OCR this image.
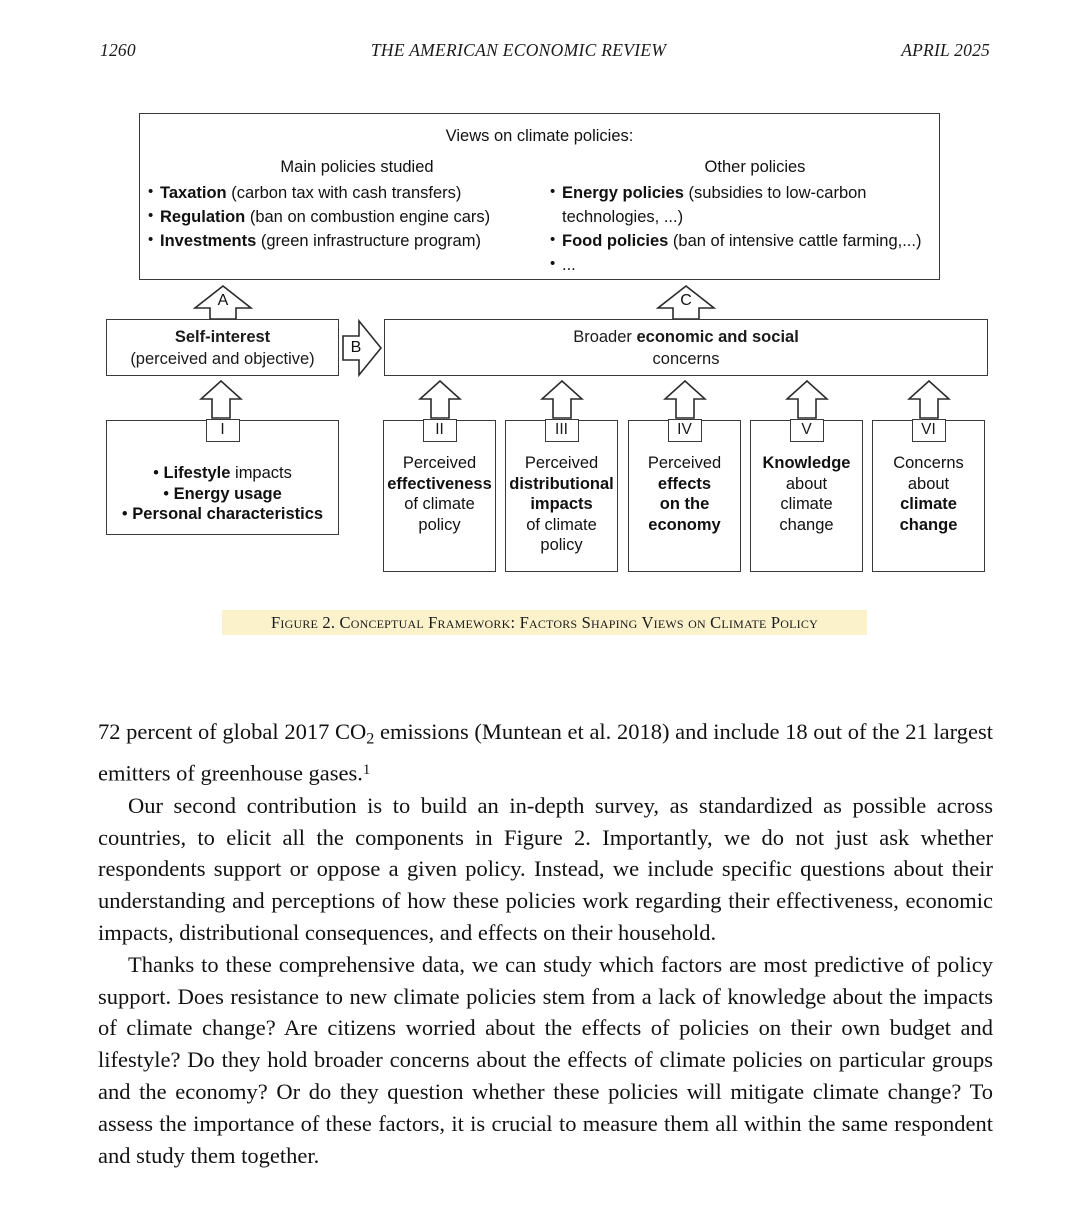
1260	THE AMERICAN ECONOMIC REVIEW	APRIL 2025
Views on climate policies:
Main policies studied	Other policies
• Taxation (carbon tax with cash transfers)
• Regulation (ban on combustion engine cars)
• Investments (green infrastructure program)
• Energy policies (subsidies to low-carbon
technologies, ...)
• Food policies (ban of intensive cattle farming,...)
• ...
A	C
Self-interest
(perceived and objective)
B
Broader economic and social
concerns
I
• Lifestyle impacts
• Energy usage
• Personal characteristics
II
Perceived
effectiveness
of climate
policy
III
Perceived
distributional
impacts
of climate
policy
IV
Perceived
effects
on the
economy
V
Knowledge
about
climate
change
VI
Concerns
about
climate
change
Figure 2. Conceptual Framework: Factors Shaping Views on Climate Policy

72 percent of global 2017 $CO_2$ emissions (Muntean et al. 2018) and include 18 out of the 21 largest emitters of greenhouse gases.$^1$

Our second contribution is to build an in-depth survey, as standardized as possible across countries, to elicit all the components in Figure 2. Importantly, we do not just ask whether respondents support or oppose a given policy. Instead, we include specific questions about their understanding and perceptions of how these policies work regarding their effectiveness, economic impacts, distributional consequences, and effects on their household.

Thanks to these comprehensive data, we can study which factors are most predictive of policy support. Does resistance to new climate policies stem from a lack of knowledge about the impacts of climate change? Are citizens worried about the effects of policies on their own budget and lifestyle? Do they hold broader concerns about the effects of climate policies on particular groups and the economy? Or do they question whether these policies will mitigate climate change? To assess the importance of these factors, it is crucial to measure them all within the same respondent and study them together.
